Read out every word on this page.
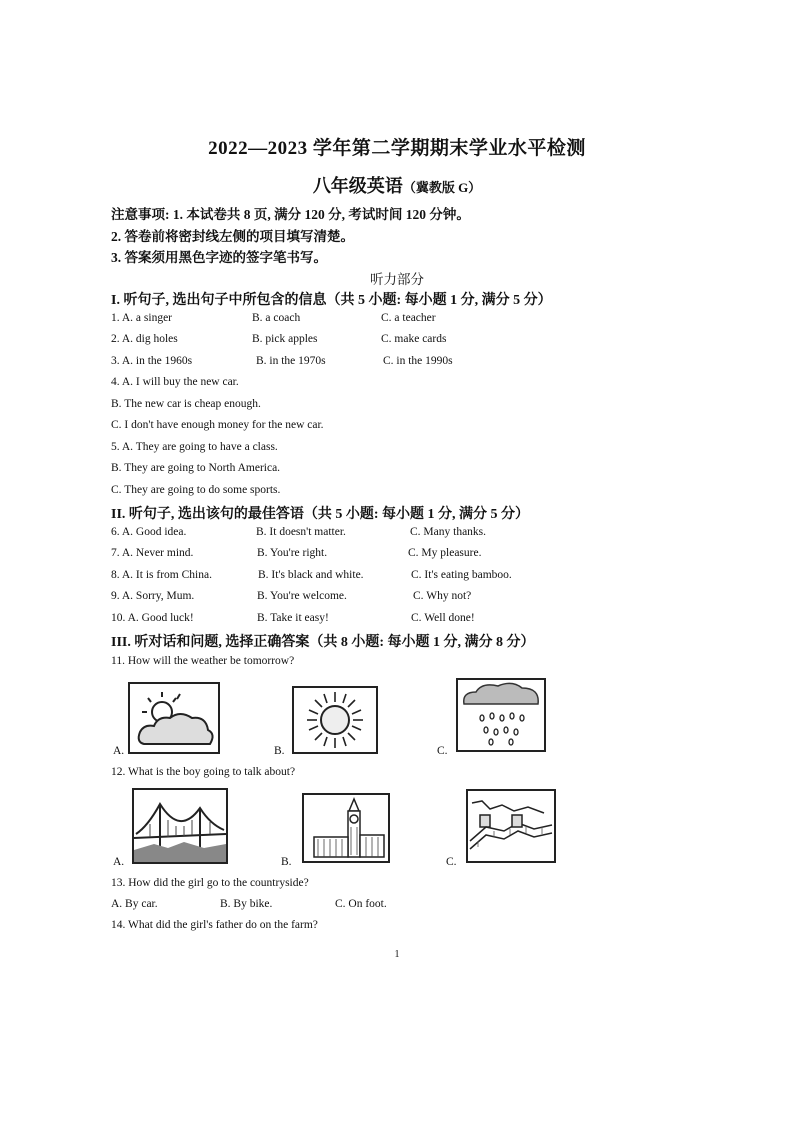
2022—2023 学年第二学期期末学业水平检测
八年级英语（冀教版 G）
注意事项: 1. 本试卷共 8 页, 满分 120 分, 考试时间 120 分钟。
2. 答卷前将密封线左侧的项目填写清楚。
3. 答案须用黑色字迹的签字笔书写。
听力部分
I. 听句子, 选出句子中所包含的信息（共 5 小题: 每小题 1 分, 满分 5 分）
1. A. a singer	B. a coach	C. a teacher
2. A. dig holes	B. pick apples	C. make cards
3. A. in the 1960s	B. in the 1970s	C. in the 1990s
4. A. I will buy the new car.
B. The new car is cheap enough.
C. I don't have enough money for the new car.
5. A. They are going to have a class.
B. They are going to North America.
C. They are going to do some sports.
II. 听句子, 选出该句的最佳答语（共 5 小题: 每小题 1 分, 满分 5 分）
6. A. Good idea.	B. It doesn't matter.	C. Many thanks.
7. A. Never mind.	B. You're right.	C. My pleasure.
8. A. It is from China.	B. It's black and white.	C. It's eating bamboo.
9. A. Sorry, Mum.	B. You're welcome.	C. Why not?
10. A. Good luck!	B. Take it easy!	C. Well done!
III. 听对话和问题, 选择正确答案（共 8 小题: 每小题 1 分, 满分 8 分）
11. How will the weather be tomorrow?
A.	B.	C.
12. What is the boy going to talk about?
A.	B.	C.
13. How did the girl go to the countryside?
A. By car.	B. By bike.	C. On foot.
14. What did the girl's father do on the farm?
1
